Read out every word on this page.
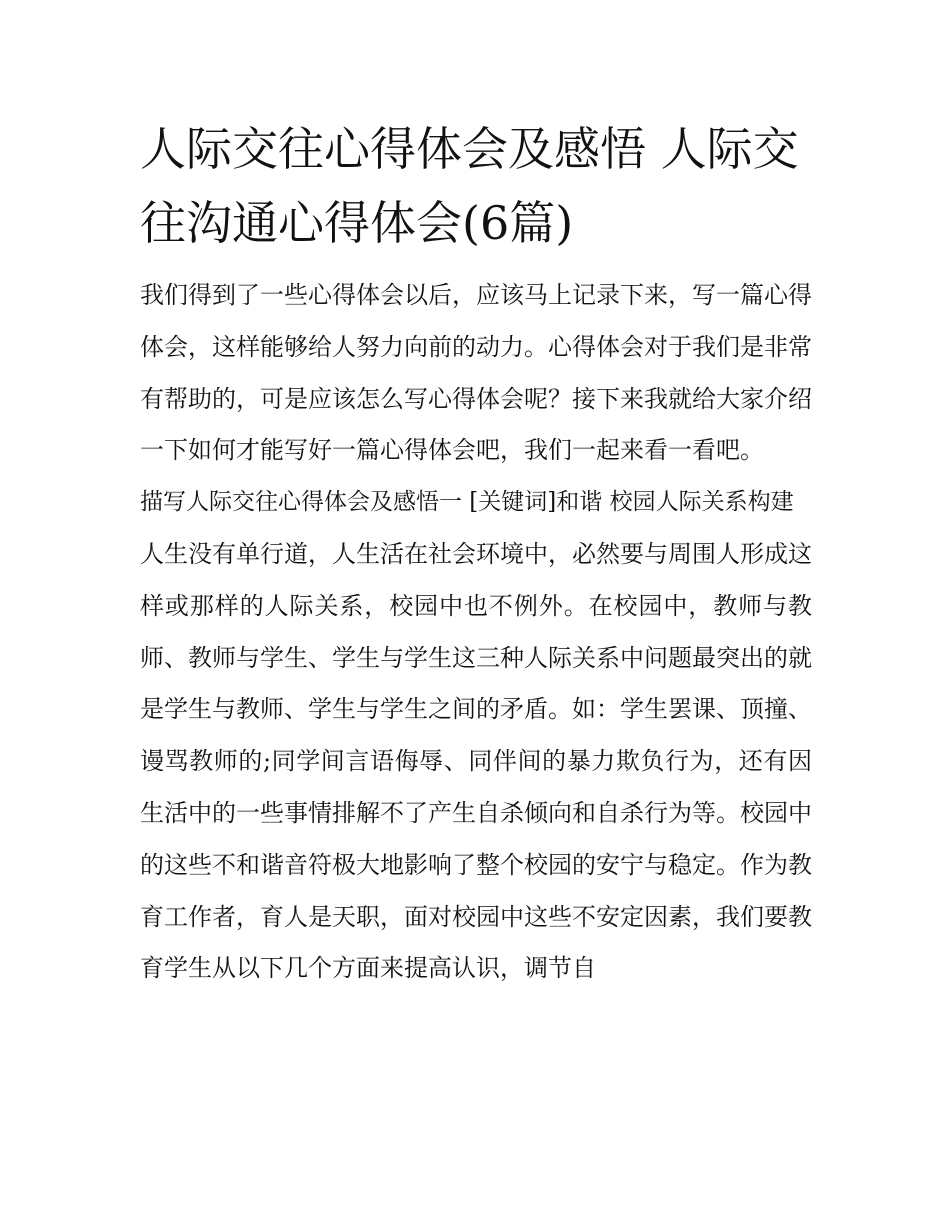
人际交往心得体会及感悟 人际交往沟通心得体会(6篇)

我们得到了一些心得体会以后，应该马上记录下来，写一篇心得体会，这样能够给人努力向前的动力。心得体会对于我们是非常有帮助的，可是应该怎么写心得体会呢？接下来我就给大家介绍一下如何才能写好一篇心得体会吧，我们一起来看一看吧。

描写人际交往心得体会及感悟一 [关键词]和谐 校园人际关系构建

人生没有单行道，人生活在社会环境中，必然要与周围人形成这样或那样的人际关系，校园中也不例外。在校园中，教师与教师、教师与学生、学生与学生这三种人际关系中问题最突出的就是学生与教师、学生与学生之间的矛盾。如：学生罢课、顶撞、谩骂教师的;同学间言语侮辱、同伴间的暴力欺负行为，还有因生活中的一些事情排解不了产生自杀倾向和自杀行为等。校园中的这些不和谐音符极大地影响了整个校园的安宁与稳定。作为教育工作者，育人是天职，面对校园中这些不安定因素，我们要教育学生从以下几个方面来提高认识，调节自
